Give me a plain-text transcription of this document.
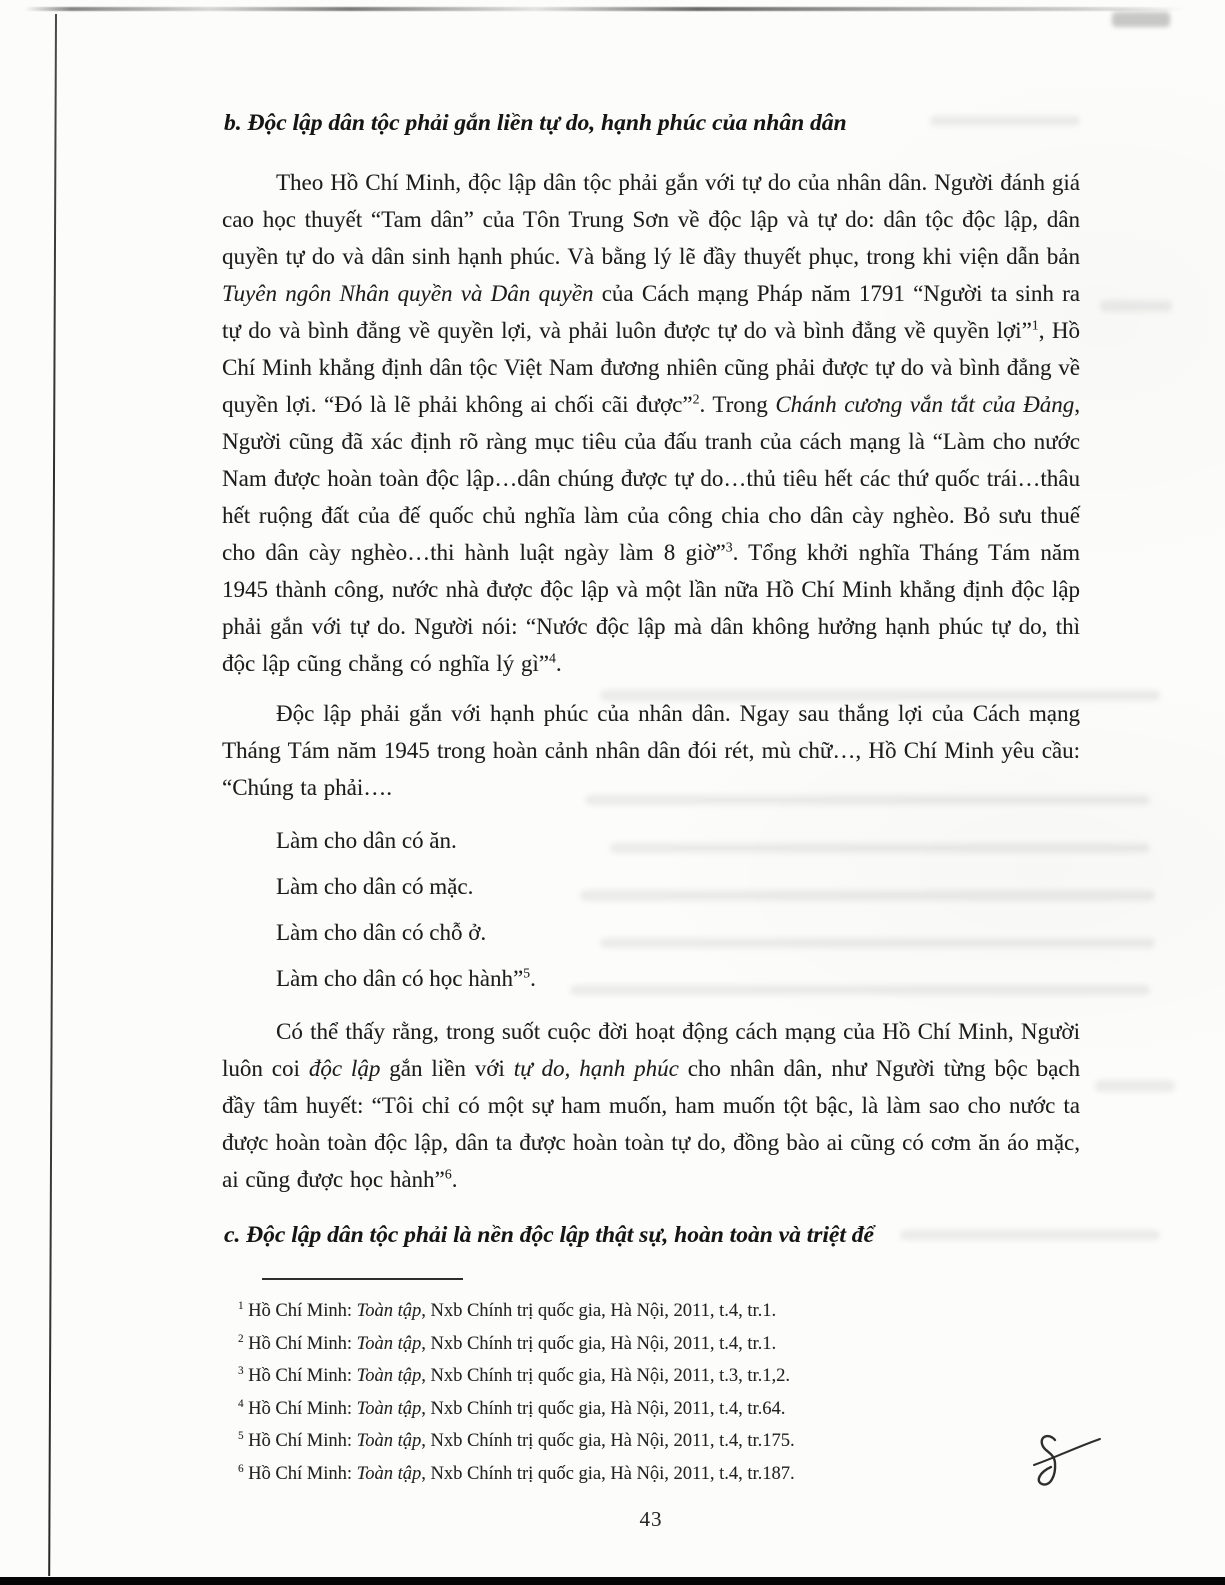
b. Độc lập dân tộc phải gắn liền tự do, hạnh phúc của nhân dân

Theo Hồ Chí Minh, độc lập dân tộc phải gắn với tự do của nhân dân. Người đánh giá cao học thuyết “Tam dân” của Tôn Trung Sơn về độc lập và tự do: dân tộc độc lập, dân quyền tự do và dân sinh hạnh phúc. Và bằng lý lẽ đầy thuyết phục, trong khi viện dẫn bản Tuyên ngôn Nhân quyền và Dân quyền của Cách mạng Pháp năm 1791 “Người ta sinh ra tự do và bình đẳng về quyền lợi, và phải luôn được tự do và bình đẳng về quyền lợi”$^1$, Hồ Chí Minh khẳng định dân tộc Việt Nam đương nhiên cũng phải được tự do và bình đẳng về quyền lợi. “Đó là lẽ phải không ai chối cãi được”$^2$. Trong Chánh cương vắn tắt của Đảng, Người cũng đã xác định rõ ràng mục tiêu của đấu tranh của cách mạng là “Làm cho nước Nam được hoàn toàn độc lập…dân chúng được tự do…thủ tiêu hết các thứ quốc trái…thâu hết ruộng đất của đế quốc chủ nghĩa làm của công chia cho dân cày nghèo. Bỏ sưu thuế cho dân cày nghèo…thi hành luật ngày làm 8 giờ”$^3$. Tổng khởi nghĩa Tháng Tám năm 1945 thành công, nước nhà được độc lập và một lần nữa Hồ Chí Minh khẳng định độc lập phải gắn với tự do. Người nói: “Nước độc lập mà dân không hưởng hạnh phúc tự do, thì độc lập cũng chẳng có nghĩa lý gì”$^4$.

Độc lập phải gắn với hạnh phúc của nhân dân. Ngay sau thắng lợi của Cách mạng Tháng Tám năm 1945 trong hoàn cảnh nhân dân đói rét, mù chữ…, Hồ Chí Minh yêu cầu: “Chúng ta phải….

Làm cho dân có ăn.

Làm cho dân có mặc.

Làm cho dân có chỗ ở.

Làm cho dân có học hành”$^5$.

Có thể thấy rằng, trong suốt cuộc đời hoạt động cách mạng của Hồ Chí Minh, Người luôn coi độc lập gắn liền với tự do, hạnh phúc cho nhân dân, như Người từng bộc bạch đầy tâm huyết: “Tôi chỉ có một sự ham muốn, ham muốn tột bậc, là làm sao cho nước ta được hoàn toàn độc lập, dân ta được hoàn toàn tự do, đồng bào ai cũng có cơm ăn áo mặc, ai cũng được học hành”$^6$.

c. Độc lập dân tộc phải là nền độc lập thật sự, hoàn toàn và triệt để

$^1$ Hồ Chí Minh: Toàn tập, Nxb Chính trị quốc gia, Hà Nội, 2011, t.4, tr.1.

$^2$ Hồ Chí Minh: Toàn tập, Nxb Chính trị quốc gia, Hà Nội, 2011, t.4, tr.1.

$^3$ Hồ Chí Minh: Toàn tập, Nxb Chính trị quốc gia, Hà Nội, 2011, t.3, tr.1,2.

$^4$ Hồ Chí Minh: Toàn tập, Nxb Chính trị quốc gia, Hà Nội, 2011, t.4, tr.64.

$^5$ Hồ Chí Minh: Toàn tập, Nxb Chính trị quốc gia, Hà Nội, 2011, t.4, tr.175.

$^6$ Hồ Chí Minh: Toàn tập, Nxb Chính trị quốc gia, Hà Nội, 2011, t.4, tr.187.

43
